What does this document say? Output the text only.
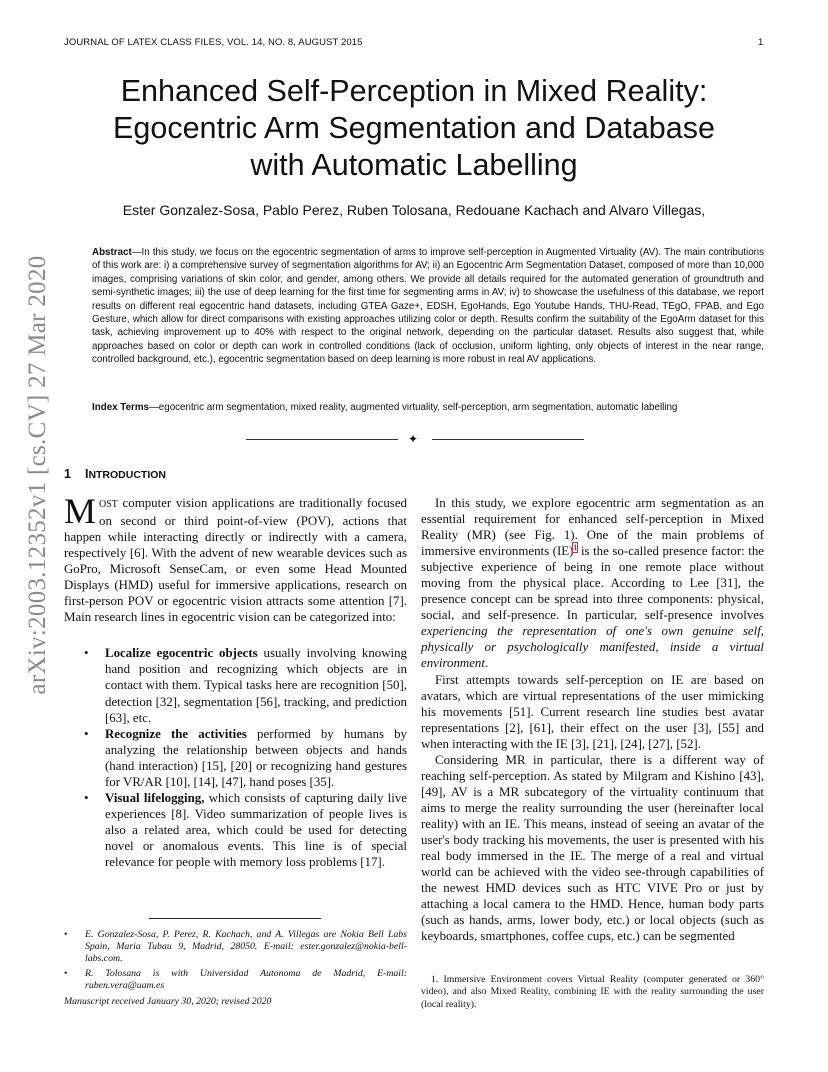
JOURNAL OF LATEX CLASS FILES, VOL. 14, NO. 8, AUGUST 2015	1
arXiv:2003.12352v1 [cs.CV] 27 Mar 2020
Enhanced Self-Perception in Mixed Reality:
Egocentric Arm Segmentation and Database
with Automatic Labelling
Ester Gonzalez-Sosa, Pablo Perez, Ruben Tolosana, Redouane Kachach and Alvaro Villegas,
Abstract—In this study, we focus on the egocentric segmentation of arms to improve self-perception in Augmented Virtuality (AV). The main contributions of this work are: i) a comprehensive survey of segmentation algorithms for AV; ii) an Egocentric Arm Segmentation Dataset, composed of more than 10,000 images, comprising variations of skin color, and gender, among others. We provide all details required for the automated generation of groundtruth and semi-synthetic images; iii) the use of deep learning for the first time for segmenting arms in AV; iv) to showcase the usefulness of this database, we report results on different real egocentric hand datasets, including GTEA Gaze+, EDSH, EgoHands, Ego Youtube Hands, THU-Read, TEgO, FPAB, and Ego Gesture, which allow for direct comparisons with existing approaches utilizing color or depth. Results confirm the suitability of the EgoArm dataset for this task, achieving improvement up to 40% with respect to the original network, depending on the particular dataset. Results also suggest that, while approaches based on color or depth can work in controlled conditions (lack of occlusion, uniform lighting, only objects of interest in the near range, controlled background, etc.), egocentric segmentation based on deep learning is more robust in real AV applications.
Index Terms—egocentric arm segmentation, mixed reality, augmented virtuality, self-perception, arm segmentation, automatic labelling
✦
1 INTRODUCTION

MOST computer vision applications are traditionally focused on second or third point-of-view (POV), actions that happen while interacting directly or indirectly with a camera, respectively [6]. With the advent of new wearable devices such as GoPro, Microsoft SenseCam, or even some Head Mounted Displays (HMD) useful for immersive applications, research on first-person POV or egocentric vision attracts some attention [7]. Main research lines in egocentric vision can be categorized into:

• Localize egocentric objects usually involving knowing hand position and recognizing which objects are in contact with them. Typical tasks here are recognition [50], detection [32], segmentation [56], tracking, and prediction [63], etc.
• Recognize the activities performed by humans by analyzing the relationship between objects and hands (hand interaction) [15], [20] or recognizing hand gestures for VR/AR [10], [14], [47], hand poses [35].
• Visual lifelogging, which consists of capturing daily live experiences [8]. Video summarization of people lives is also a related area, which could be used for detecting novel or anomalous events. This line is of special relevance for people with memory loss problems [17].
• E. Gonzalez-Sosa, P. Perez, R. Kachach, and A. Villegas are Nokia Bell Labs Spain, Maria Tubau 9, Madrid, 28050. E-mail: ester.gonzalez@nokia-bell-labs.com.
• R. Tolosana is with Universidad Autonoma de Madrid, E-mail: ruben.vera@uam.es
Manuscript received January 30, 2020; revised 2020

In this study, we explore egocentric arm segmentation as an essential requirement for enhanced self-perception in Mixed Reality (MR) (see Fig. 1). One of the main problems of immersive environments (IE)$^1$ is the so-called presence factor: the subjective experience of being in one remote place without moving from the physical place. According to Lee [31], the presence concept can be spread into three components: physical, social, and self-presence. In particular, self-presence involves experiencing the representation of one's own genuine self, physically or psychologically manifested, inside a virtual environment.

First attempts towards self-perception on IE are based on avatars, which are virtual representations of the user mimicking his movements [51]. Current research line studies best avatar representations [2], [61], their effect on the user [3], [55] and when interacting with the IE [3], [21], [24], [27], [52].

Considering MR in particular, there is a different way of reaching self-perception. As stated by Milgram and Kishino [43], [49], AV is a MR subcategory of the virtuality continuum that aims to merge the reality surrounding the user (hereinafter local reality) with an IE. This means, instead of seeing an avatar of the user's body tracking his movements, the user is presented with his real body immersed in the IE. The merge of a real and virtual world can be achieved with the video see-through capabilities of the newest HMD devices such as HTC VIVE Pro or just by attaching a local camera to the HMD. Hence, human body parts (such as hands, arms, lower body, etc.) or local objects (such as keyboards, smartphones, coffee cups, etc.) can be segmented

1. Immersive Environment covers Virtual Reality (computer generated or 360° video), and also Mixed Reality, combining IE with the reality surrounding the user (local reality).
